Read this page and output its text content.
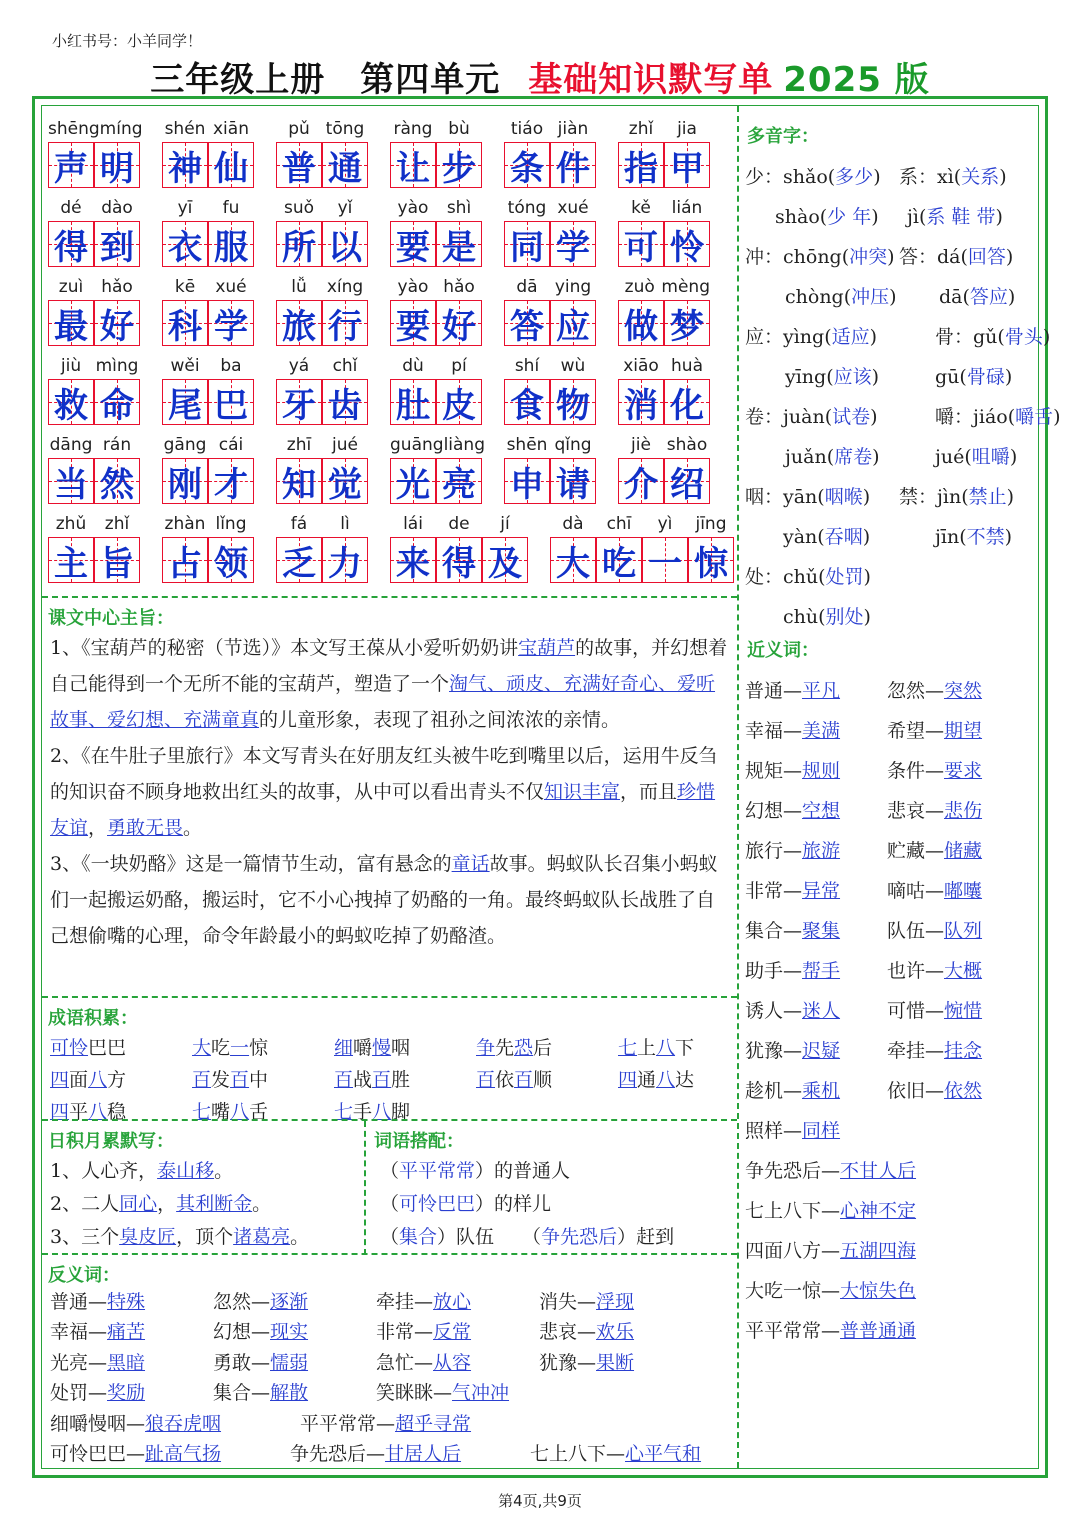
小红书号：小羊同学！
三年级上册　第四单元 基础知识默写单 2025 版
shēngmíng
声 明
shén xiān
神 仙
pǔ tōng
普 通
ràng bù
让 步
tiáo jiàn
条 件
zhǐ	jia
指 甲
dé	dào
得 到
yī	fu
衣 服
suǒ	yǐ
所 以
yào	shì
要 是
tóng xué
同 学
kě	lián
可 怜
zuì	hǎo
最 好
kē	xué
科 学
lǚ	xíng
旅 行
yào hǎo
要 好
dā	ying
答 应
zuò mèng
做 梦
jiù mìng
救 命
wěi	ba
尾 巴
yá	chǐ
牙 齿
dù	pí
肚 皮
shí	wù
食 物
xiāo huà
消 化
dāng rán
当 然
gāng cái
刚 才
zhī	jué
知 觉
guāng liàng
光 亮
shēn qǐng
申 请
jiè shào
介 绍
zhǔ	zhǐ
主 旨
zhàn lǐng
占 领
fá	lì
乏 力
lái	de	jí
来 得 及
dà	chī	yì	jīng
大 吃 一 惊
课文中心主旨：
1、《宝葫芦的秘密（节选）》本文写王葆从小爱听奶奶讲宝葫芦的故事，并幻想着自己能得到一个无所不能的宝葫芦，塑造了一个淘气、顽皮、充满好奇心、爱听故事、爱幻想、充满童真的儿童形象，表现了祖孙之间浓浓的亲情。
2、《在牛肚子里旅行》本文写青头在好朋友红头被牛吃到嘴里以后，运用牛反刍的知识奋不顾身地救出红头的故事，从中可以看出青头不仅知识丰富，而且珍惜友谊，勇敢无畏。
3、《一块奶酪》这是一篇情节生动，富有悬念的童话故事。蚂蚁队长召集小蚂蚁们一起搬运奶酪，搬运时，它不小心拽掉了奶酪的一角。最终蚂蚁队长战胜了自己想偷嘴的心理，命令年龄最小的蚂蚁吃掉了奶酪渣。
成语积累：
可怜巴巴	大吃一惊	细嚼慢咽	争先恐后	七上八下
四面八方	百发百中	百战百胜	百依百顺	四通八达
四平八稳	七嘴八舌	七手八脚
日积月累默写：
1、人心齐，泰山移。
2、二人同心，其利断金。
3、三个臭皮匠，顶个诸葛亮。
词语搭配：
（平平常常）的普通人
（可怜巴巴）的样儿
（集合）队伍 （争先恐后）赶到
反义词：
普通—特殊	忽然—逐渐	牵挂—放心	消失—浮现
幸福—痛苦	幻想—现实	非常—反常	悲哀—欢乐
光亮—黑暗	勇敢—懦弱	急忙—从容	犹豫—果断
处罚—奖励	集合—解散	笑眯眯—气冲冲
细嚼慢咽—狼吞虎咽	平平常常—超乎寻常
可怜巴巴—趾高气扬	争先恐后—甘居人后	七上八下—心平气和
多音字：
少：shǎo(多少) 系：xì(关系)
shào(少 年) jì(系 鞋 带)
冲：chōng(冲突) 答：dá(回答)
chòng(冲压) dā(答应)
应：yìng(适应)	骨：gǔ(骨头)
yīng(应该)	gū(骨碌)
卷：juàn(试卷)	嚼：jiáo(嚼舌)
juǎn(席卷)	jué(咀嚼)
咽：yān(咽喉) 禁：jìn(禁止)
yàn(吞咽)	jīn(不禁)
处：chǔ(处罚)
chù(别处)
近义词：
普通—平凡 忽然—突然
幸福—美满 希望—期望
规矩—规则 条件—要求
幻想—空想 悲哀—悲伤
旅行—旅游 贮藏—储藏
非常—异常 嘀咕—嘟囔
集合—聚集 队伍—队列
助手—帮手 也许—大概
诱人—迷人 可惜—惋惜
犹豫—迟疑 牵挂—挂念
趁机—乘机 依旧—依然
照样—同样
争先恐后—不甘人后
七上八下—心神不定
四面八方—五湖四海
大吃一惊—大惊失色
平平常常—普普通通
第4页,共9页
